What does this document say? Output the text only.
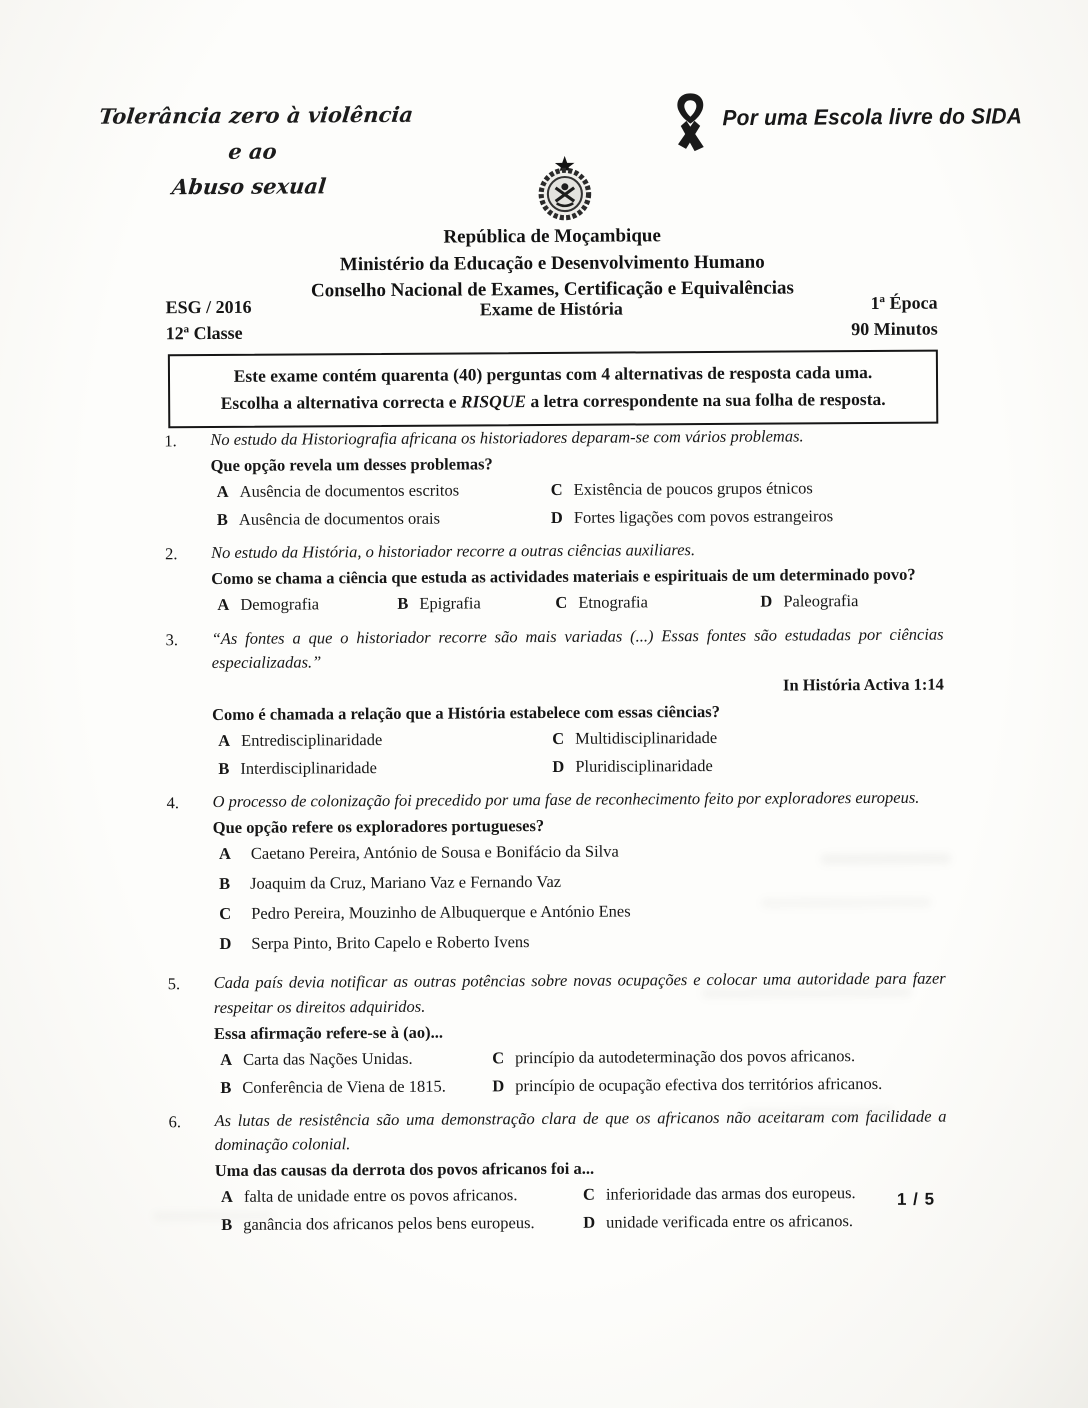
Tolerância zero à violência e ao
Abuso sexual
Por uma Escola livre do SIDA
República de Moçambique
Ministério da Educação e Desenvolvimento Humano
Conselho Nacional de Exames, Certificação e Equivalências
ESG / 2016
12ª Classe
Exame de História	1ª Época
90 Minutos
Este exame contém quarenta (40) perguntas com 4 alternativas de resposta cada uma.
Escolha a alternativa correcta e RISQUE a letra correspondente na sua folha de resposta.
1.	No estudo da Historiografia africana os historiadores deparam-se com vários problemas.

Que opção revela um desses problemas?

A Ausência de documentos escritos	C Existência de poucos grupos étnicos
B Ausência de documentos orais	D Fortes ligações com povos estrangeiros
2.	No estudo da História, o historiador recorre a outras ciências auxiliares.

Como se chama a ciência que estuda as actividades materiais e espirituais de um determinado povo?

A Demografia	B Epigrafia	C Etnografia	D Paleografia
3.	“As fontes a que o historiador recorre são mais variadas (...) Essas fontes são estudadas por ciências especializadas.”

In História Activa 1:14

Como é chamada a relação que a História estabelece com essas ciências?

A Entredisciplinaridade	C Multidisciplinaridade
B Interdisciplinaridade	D Pluridisciplinaridade
4.	O processo de colonização foi precedido por uma fase de reconhecimento feito por exploradores europeus.

Que opção refere os exploradores portugueses?

A Caetano Pereira, António de Sousa e Bonifácio da Silva
B Joaquim da Cruz, Mariano Vaz e Fernando Vaz
C Pedro Pereira, Mouzinho de Albuquerque e António Enes
D Serpa Pinto, Brito Capelo e Roberto Ivens
5.	Cada país devia notificar as outras potências sobre novas ocupações e colocar uma autoridade para fazer respeitar os direitos adquiridos.

Essa afirmação refere-se à (ao)...

A Carta das Nações Unidas.	C princípio da autodeterminação dos povos africanos.
B Conferência de Viena de 1815.	D princípio de ocupação efectiva dos territórios africanos.
6.	As lutas de resistência são uma demonstração clara de que os africanos não aceitaram com facilidade a dominação colonial.

Uma das causas da derrota dos povos africanos foi a...

A falta de unidade entre os povos africanos.	C inferioridade das armas dos europeus.
B ganância dos africanos pelos bens europeus.	D unidade verificada entre os africanos.
1 / 5
